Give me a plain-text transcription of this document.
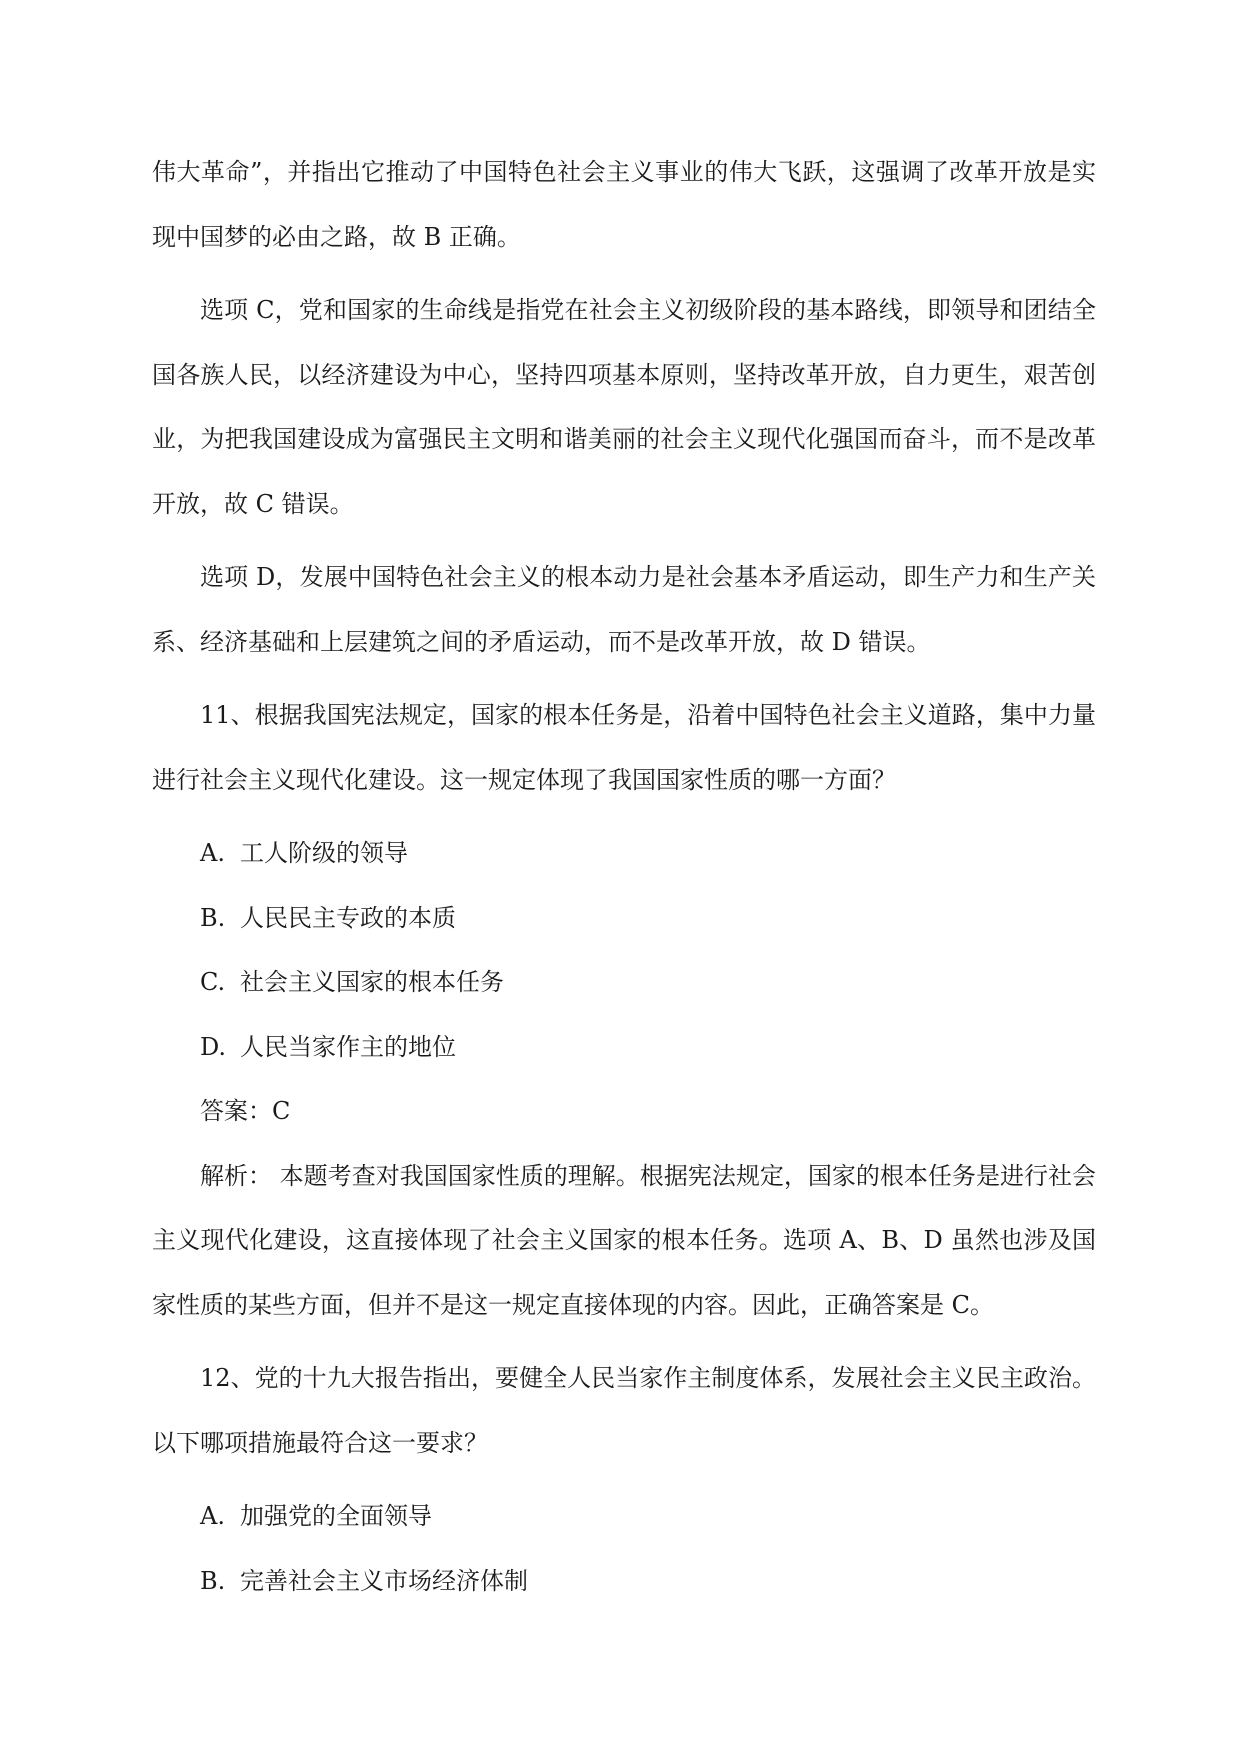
伟大革命”，并指出它推动了中国特色社会主义事业的伟大飞跃，这强调了改革开放是实现中国梦的必由之路，故 B 正确。

选项 C，党和国家的生命线是指党在社会主义初级阶段的基本路线，即领导和团结全国各族人民，以经济建设为中心，坚持四项基本原则，坚持改革开放，自力更生，艰苦创业，为把我国建设成为富强民主文明和谐美丽的社会主义现代化强国而奋斗，而不是改革开放，故 C 错误。

选项 D，发展中国特色社会主义的根本动力是社会基本矛盾运动，即生产力和生产关系、经济基础和上层建筑之间的矛盾运动，而不是改革开放，故 D 错误。

11、根据我国宪法规定，国家的根本任务是，沿着中国特色社会主义道路，集中力量进行社会主义现代化建设。这一规定体现了我国国家性质的哪一方面？

A. 工人阶级的领导
B. 人民民主专政的本质
C. 社会主义国家的根本任务
D. 人民当家作主的地位
答案：C

解析： 本题考查对我国国家性质的理解。根据宪法规定，国家的根本任务是进行社会主义现代化建设，这直接体现了社会主义国家的根本任务。选项 A、B、D 虽然也涉及国家性质的某些方面，但并不是这一规定直接体现的内容。因此，正确答案是 C。

12、党的十九大报告指出，要健全人民当家作主制度体系，发展社会主义民主政治。以下哪项措施最符合这一要求？

A. 加强党的全面领导
B. 完善社会主义市场经济体制
